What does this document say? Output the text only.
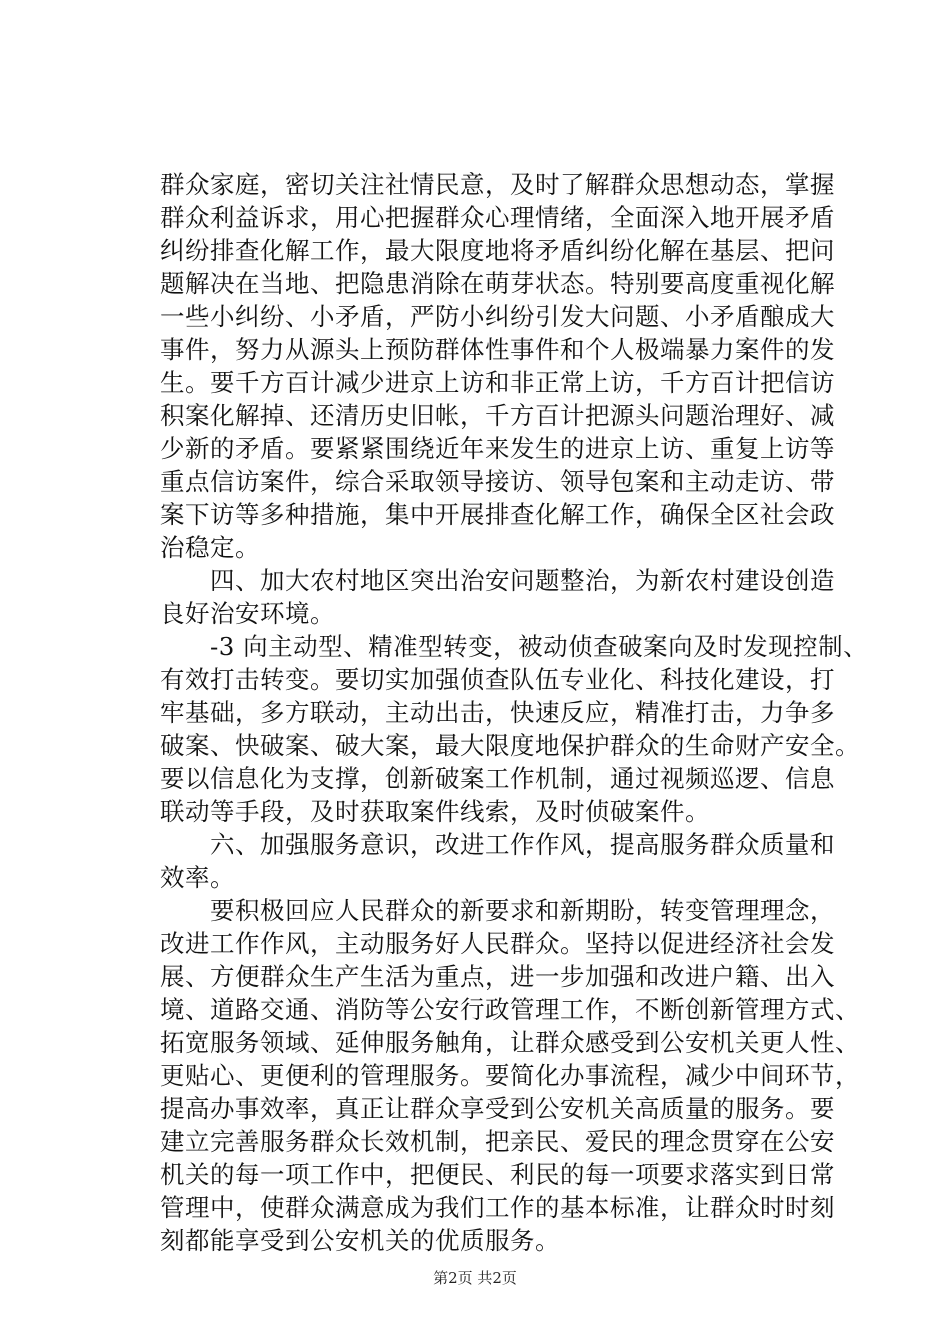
群众家庭，密切关注社情民意，及时了解群众思想动态，掌握
群众利益诉求，用心把握群众心理情绪，全面深入地开展矛盾
纠纷排查化解工作，最大限度地将矛盾纠纷化解在基层、把问
题解决在当地、把隐患消除在萌芽状态。特别要高度重视化解
一些小纠纷、小矛盾，严防小纠纷引发大问题、小矛盾酿成大
事件，努力从源头上预防群体性事件和个人极端暴力案件的发
生。要千方百计减少进京上访和非正常上访，千方百计把信访
积案化解掉、还清历史旧帐，千方百计把源头问题治理好、减
少新的矛盾。要紧紧围绕近年来发生的进京上访、重复上访等
重点信访案件，综合采取领导接访、领导包案和主动走访、带
案下访等多种措施，集中开展排查化解工作，确保全区社会政
治稳定。
　　四、加大农村地区突出治安问题整治，为新农村建设创造
良好治安环境。
　　-3 向主动型、精准型转变，被动侦查破案向及时发现控制、
有效打击转变。要切实加强侦查队伍专业化、科技化建设，打
牢基础，多方联动，主动出击，快速反应，精准打击，力争多
破案、快破案、破大案，最大限度地保护群众的生命财产安全。
要以信息化为支撑，创新破案工作机制，通过视频巡逻、信息
联动等手段，及时获取案件线索，及时侦破案件。
　　六、加强服务意识，改进工作作风，提高服务群众质量和
效率。
　　要积极回应人民群众的新要求和新期盼，转变管理理念，
改进工作作风，主动服务好人民群众。坚持以促进经济社会发
展、方便群众生产生活为重点，进一步加强和改进户籍、出入
境、道路交通、消防等公安行政管理工作，不断创新管理方式、
拓宽服务领域、延伸服务触角，让群众感受到公安机关更人性、
更贴心、更便利的管理服务。要简化办事流程，减少中间环节，
提高办事效率，真正让群众享受到公安机关高质量的服务。要
建立完善服务群众长效机制，把亲民、爱民的理念贯穿在公安
机关的每一项工作中，把便民、利民的每一项要求落实到日常
管理中，使群众满意成为我们工作的基本标准，让群众时时刻
刻都能享受到公安机关的优质服务。
第2页 共2页
